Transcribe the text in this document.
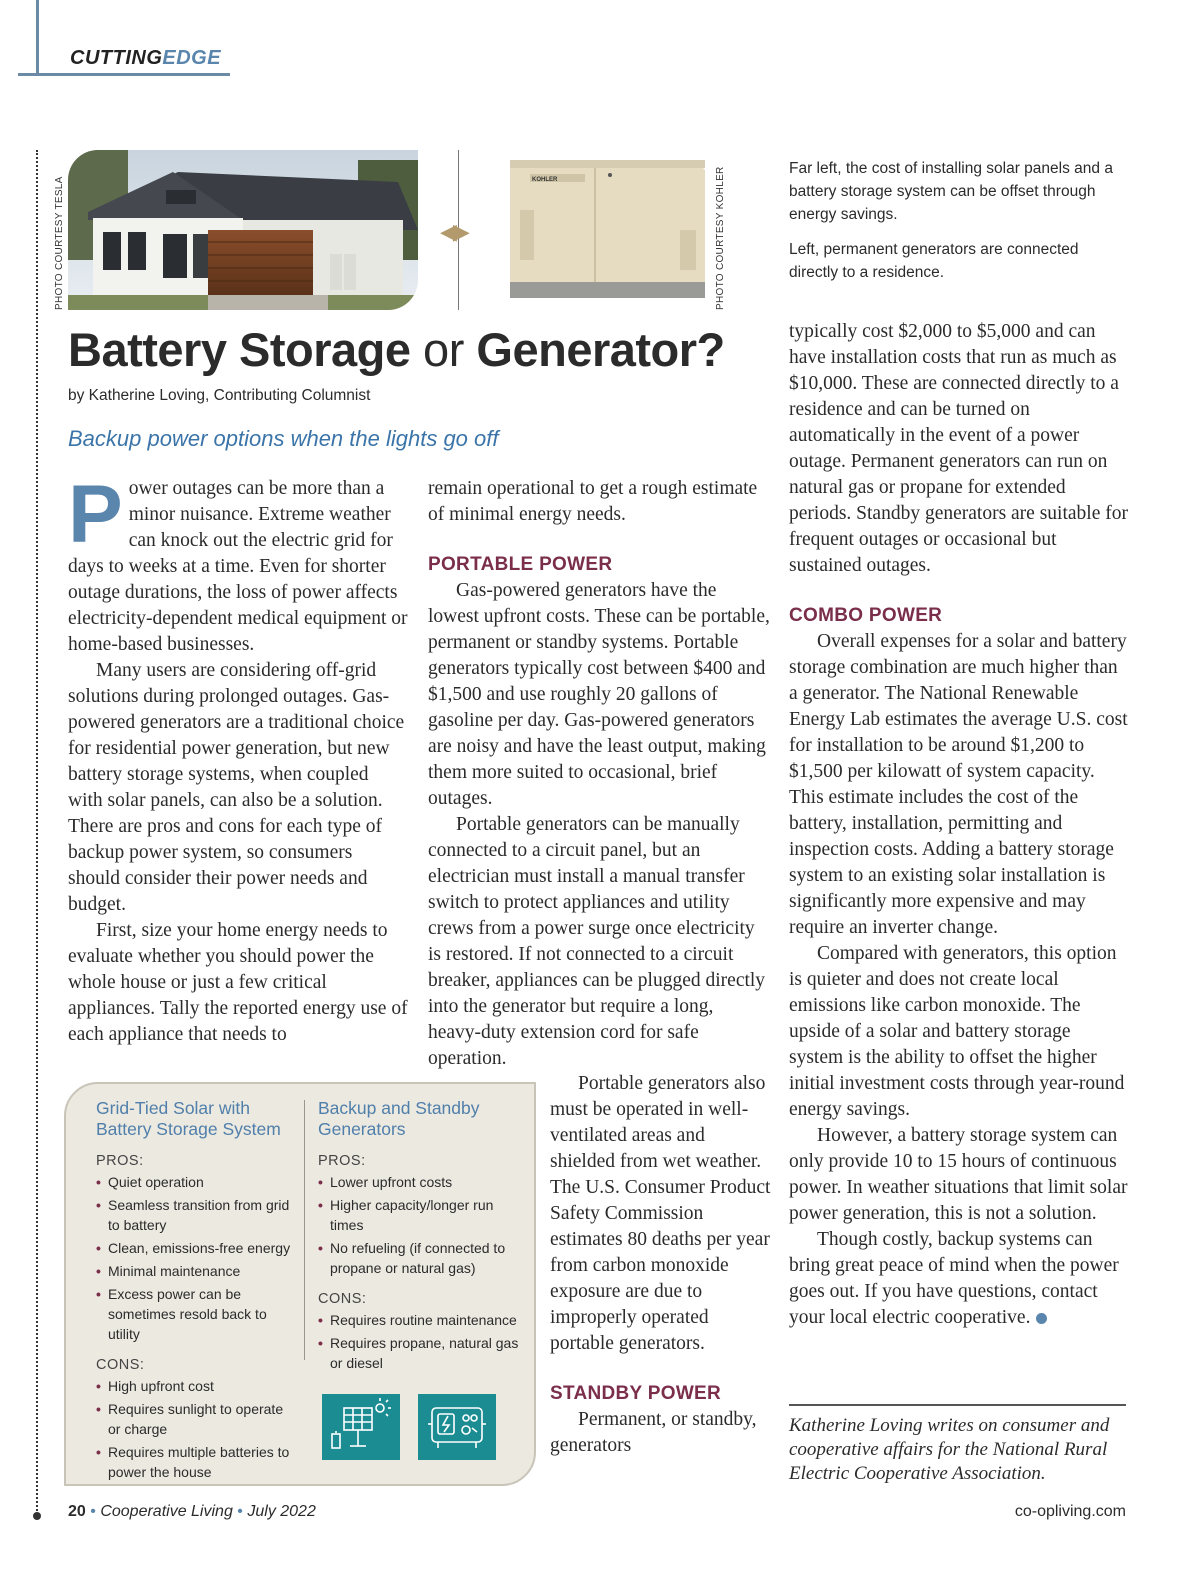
CUTTINGEDGE
PHOTO COURTESY TESLA	PHOTO COURTESY KOHLER
◀▶
KOHLER
Far left, the cost of installing solar panels and a battery storage system can be offset through energy savings.
Left, permanent generators are connected directly to a residence.
Battery Storage or Generator?
by Katherine Loving, Contributing Columnist
Backup power options when the lights go off

Power outages can be more than a minor nuisance. Extreme weather can knock out the electric grid for days to weeks at a time. Even for shorter outage durations, the loss of power affects electricity-dependent medical equipment or home-based businesses.

Many users are considering off-grid solutions during prolonged outages. Gas-powered generators are a traditional choice for residential power generation, but new battery storage systems, when coupled with solar panels, can also be a solution. There are pros and cons for each type of backup power system, so consumers should consider their power needs and budget.

First, size your home energy needs to evaluate whether you should power the whole house or just a few critical appliances. Tally the reported energy use of each appliance that needs to

remain operational to get a rough estimate of minimal energy needs.

PORTABLE POWER

Gas-powered generators have the lowest upfront costs. These can be portable, permanent or standby systems. Portable generators typically cost between $400 and $1,500 and use roughly 20 gallons of gasoline per day. Gas-powered generators are noisy and have the least output, making them more suited to occasional, brief outages.

Portable generators can be manually connected to a circuit panel, but an electrician must install a manual transfer switch to protect appliances and utility crews from a power surge once electricity is restored. If not connected to a circuit breaker, appliances can be plugged directly into the generator but require a long, heavy-duty extension cord for safe operation.

Portable generators also must be operated in well-ventilated areas and shielded from wet weather. The U.S. Consumer Product Safety Commission estimates 80 deaths per year from carbon monoxide exposure are due to improperly operated portable generators.

STANDBY POWER

Permanent, or standby, generators

typically cost $2,000 to $5,000 and can have installation costs that run as much as $10,000. These are connected directly to a residence and can be turned on automatically in the event of a power outage. Permanent generators can run on natural gas or propane for extended periods. Standby generators are suitable for frequent outages or occasional but sustained outages.

COMBO POWER

Overall expenses for a solar and battery storage combination are much higher than a generator. The National Renewable Energy Lab estimates the average U.S. cost for installation to be around $1,200 to $1,500 per kilowatt of system capacity. This estimate includes the cost of the battery, installation, permitting and inspection costs. Adding a battery storage system to an existing solar installation is significantly more expensive and may require an inverter change.

Compared with generators, this option is quieter and does not create local emissions like carbon monoxide. The upside of a solar and battery storage system is the ability to offset the higher initial investment costs through year-round energy savings.

However, a battery storage system can only provide 10 to 15 hours of continuous power. In weather situations that limit solar power generation, this is not a solution.

Though costly, backup systems can bring great peace of mind when the power goes out. If you have questions, contact your local electric cooperative.

Grid-Tied Solar with Battery Storage System
PROS:
• Quiet operation
• Seamless transition from grid to battery
• Clean, emissions-free energy
• Minimal maintenance
• Excess power can be sometimes resold back to utility
CONS:
• High upfront cost
• Requires sunlight to operate or charge
• Requires multiple batteries to power the house
Backup and Standby Generators
PROS:
• Lower upfront costs
• Higher capacity/longer run times
• No refueling (if connected to propane or natural gas)
CONS:
• Requires routine maintenance
• Requires propane, natural gas or diesel
Katherine Loving writes on consumer and cooperative affairs for the National Rural Electric Cooperative Association.
20 • Cooperative Living • July 2022	co-opliving.com
